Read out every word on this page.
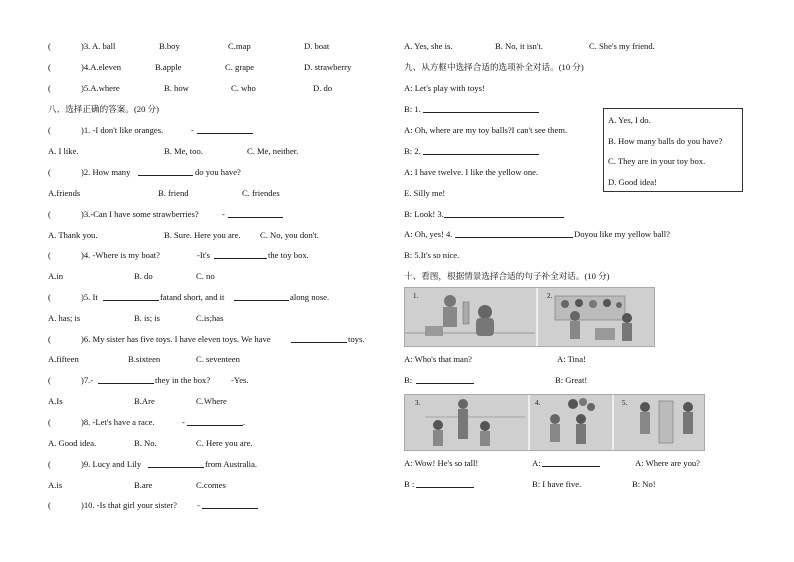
(	)3. A. ball	B.boy	C.map	D. boat
(	)4.A.eleven	B.apple	C. grape	D. strawberry
(	)5.A.where	B. how	C. who	D. do
八、选择正确的答案。(20 分)
(	)1. -I don't like oranges.	-
A. I like.	B. Me, too.	C. Me, neither.
(	)2. How many	do you have?
A.friends	B. friend	C. friendes
(	)3.-Can I have some strawberries?	-
A. Thank you.	B. Sure. Here you are. C. No, you don't.
(	)4. -Where is my boat?	-It's	the toy box.
A.in	B. do	C. no
(	)5. It	fatand short, and it	along nose.
A. has; is	B. is; is	C.is;has
(	)6. My sister has five toys. I have eleven toys. We have	toys.
A.fifteen	B.sixteen	C. seventeen
(	)7.-	they in the box? -Yes.
A.Is	B.Are	C.Where
(	)8. -Let's have a race.	-	.
A. Good idea.	B. No.	C. Here you are.
(	)9. Lucy and Lily	from Australia.
A.is	B.are	C.comes
(	)10. -Is that girl your sister? -
A. Yes, she is.	B. No, it isn't.	C. She's my friend.
九、从方框中选择合适的选项补全对话。(10 分)
A: Let's play with toys!
B: 1.
A: Oh, where are my toy balls?I can't see them.
B: 2.
A: I have twelve. I like the yellow one.
E. Silly me!
B: Look! 3.
A: Oh, yes! 4.	Doyou like my yellow ball?
B: 5.It's so nice.
A. Yes, I do.
B. How many balls do you have?
C. They are in your toy box.
D. Good idea!
十、看图，根据情景选择合适的句子补全对话。(10 分)
1.	2.
A: Who's that man?	A: Tina!
B:	B: Great!
3.	4.	5.
A: Wow! He's so tall!	A:	A: Where are you?
B :	B: I have five.	B: No!
